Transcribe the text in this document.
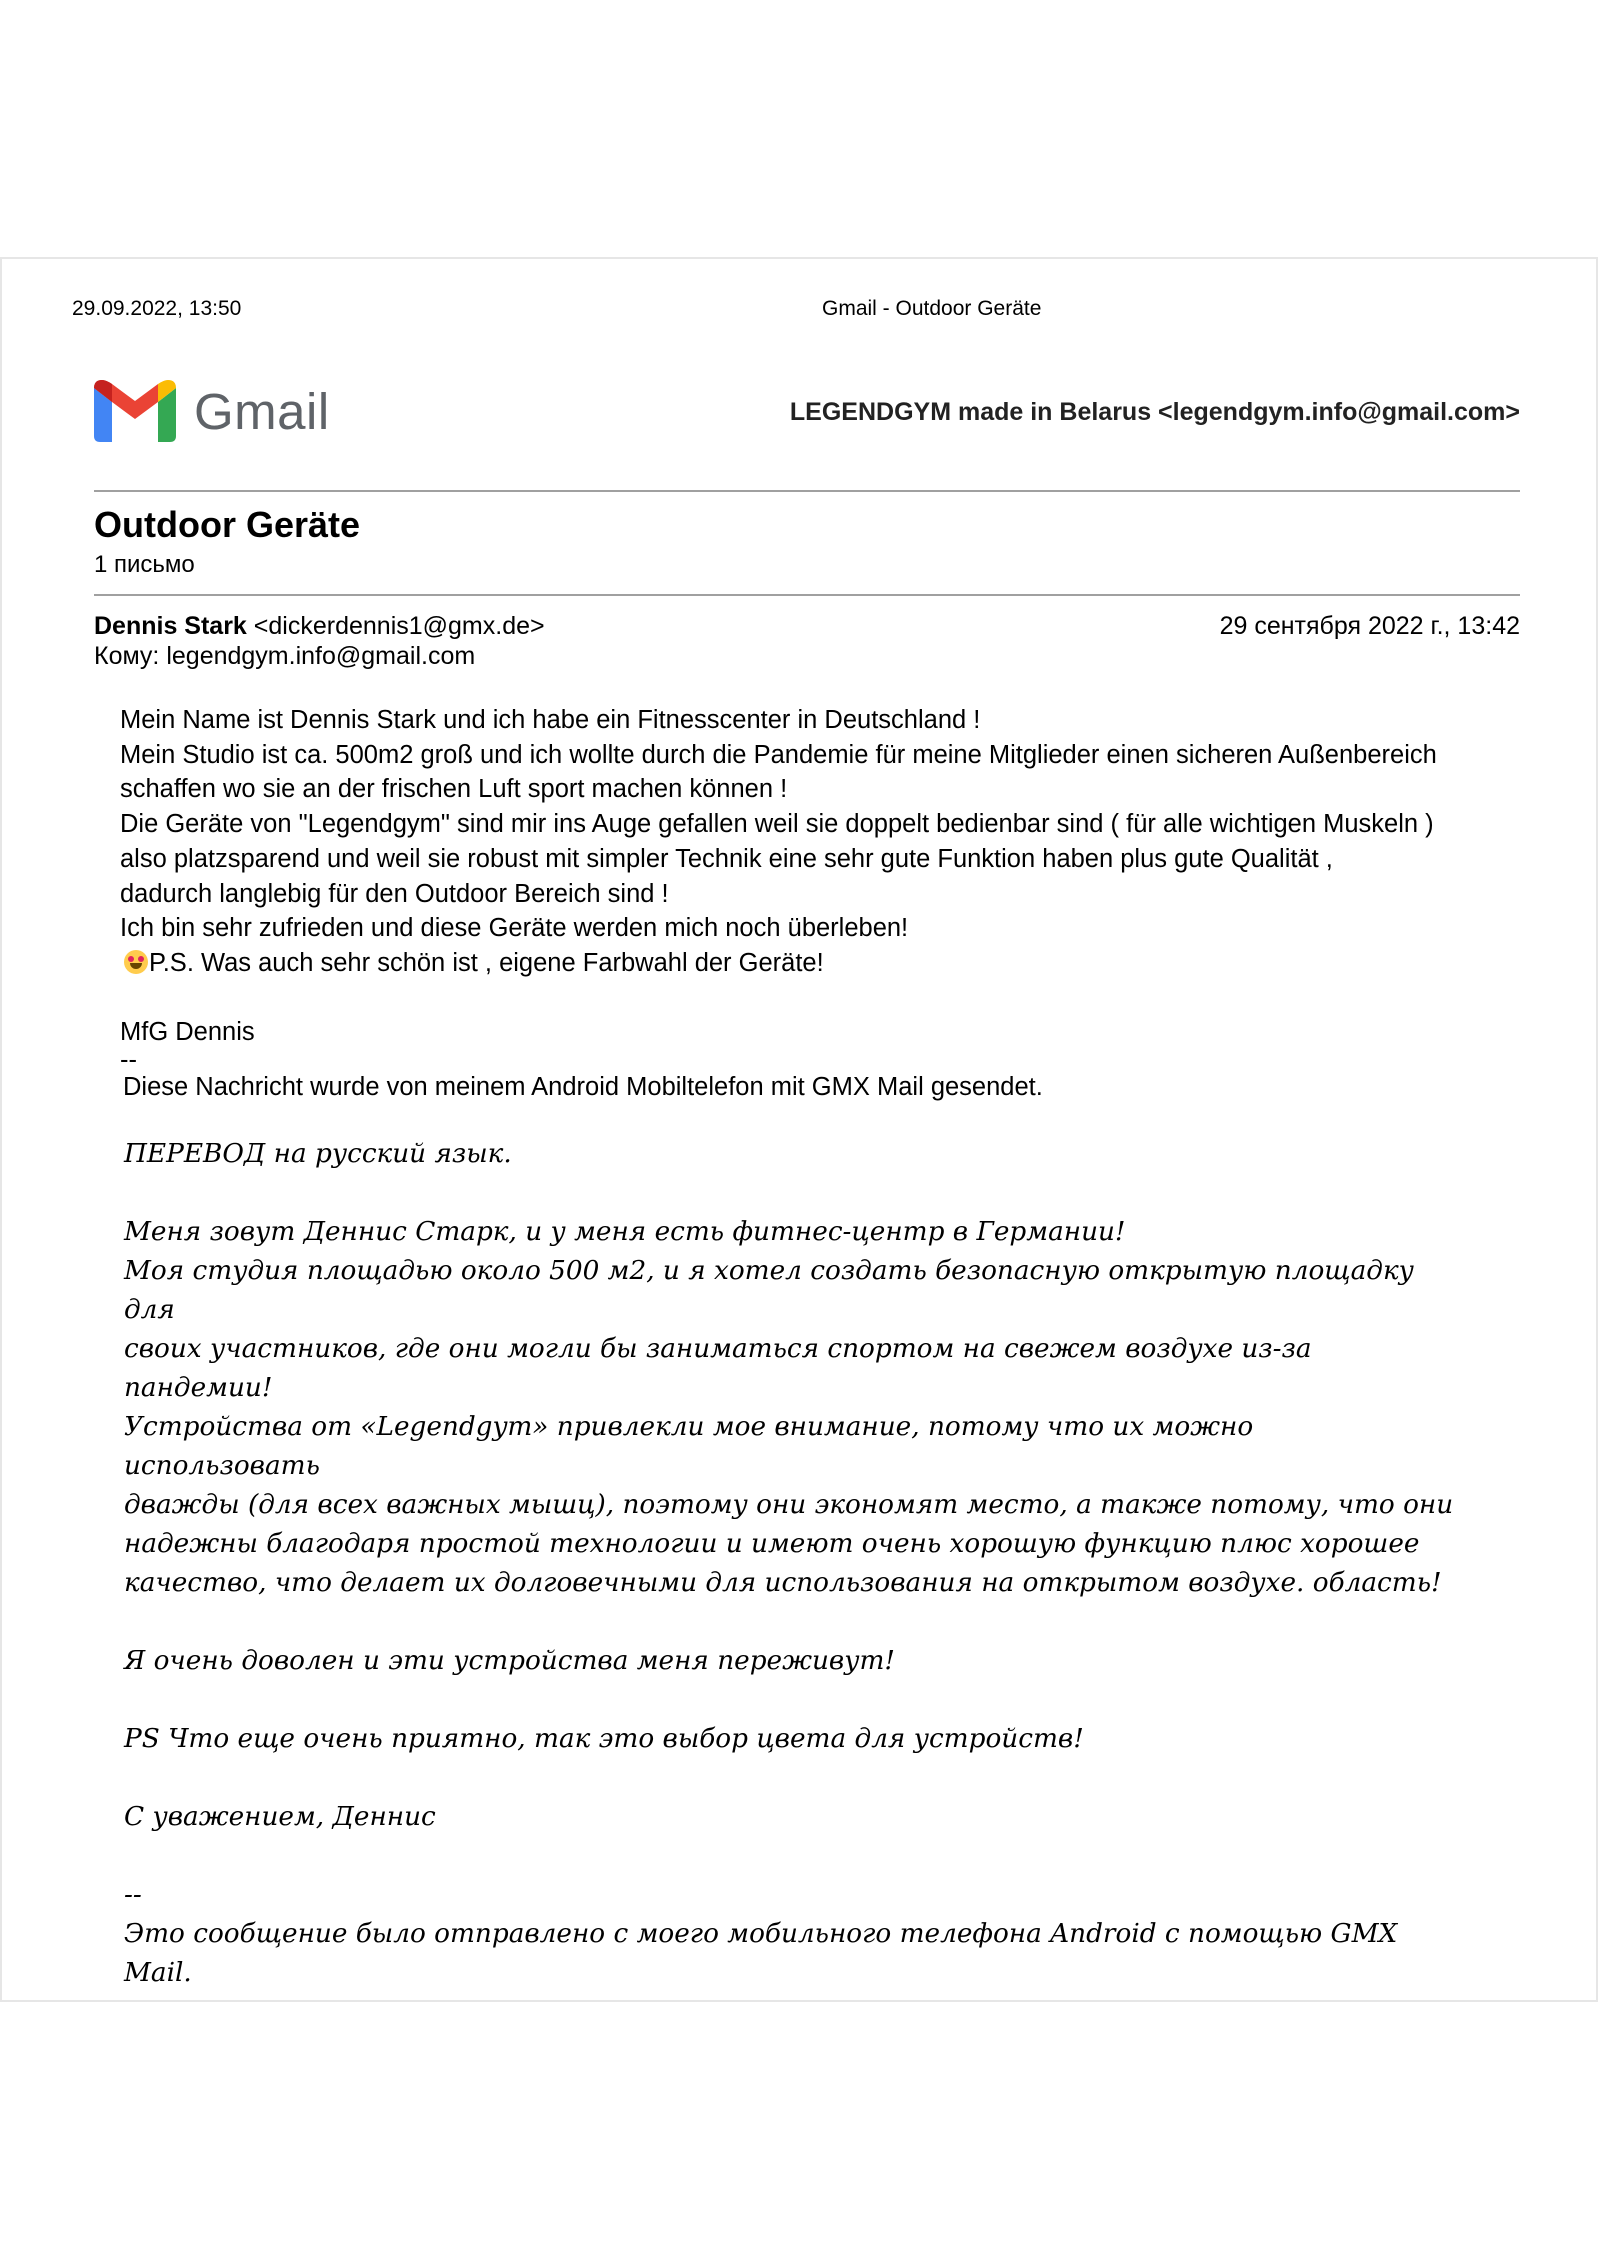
29.09.2022, 13:50	Gmail - Outdoor Geräte
Gmail	LEGENDGYM made in Belarus <legendgym.info@gmail.com>
Outdoor Geräte
1 письмо
Dennis Stark <dickerdennis1@gmx.de>	29 сентября 2022 г., 13:42
Кому: legendgym.info@gmail.com

Mein Name ist Dennis Stark und ich habe ein Fitnesscenter in Deutschland !

Mein Studio ist ca. 500m2 groß und ich wollte durch die Pandemie für meine Mitglieder einen sicheren Außenbereich

schaffen wo sie an der frischen Luft sport machen können !

Die Geräte von "Legendgym" sind mir ins Auge gefallen weil sie doppelt bedienbar sind ( für alle wichtigen Muskeln )

also platzsparend und weil sie robust mit simpler Technik eine sehr gute Funktion haben plus gute Qualität ,

dadurch langlebig für den Outdoor Bereich sind !

Ich bin sehr zufrieden und diese Geräte werden mich noch überleben!

P.S. Was auch sehr schön ist , eigene Farbwahl der Geräte!

MfG Dennis

--

Diese Nachricht wurde von meinem Android Mobiltelefon mit GMX Mail gesendet.

ПЕРЕВОД на русский язык.

Меня зовут Деннис Старк, и у меня есть фитнес-центр в Германии!

Моя студия площадью около 500 м2, и я хотел создать безопасную открытую площадку для

своих участников, где они могли бы заниматься спортом на свежем воздухе из-за пандемии!

Устройства от «Legendgym» привлекли мое внимание, потому что их можно использовать

дважды (для всех важных мышц), поэтому они экономят место, а также потому, что они

надежны благодаря простой технологии и имеют очень хорошую функцию плюс хорошее

качество, что делает их долговечными для использования на открытом воздухе. область!

Я очень доволен и эти устройства меня переживут!

PS Что еще очень приятно, так это выбор цвета для устройств!

С уважением, Деннис

--

Это сообщение было отправлено с моего мобильного телефона Android с помощью GMX Mail.
